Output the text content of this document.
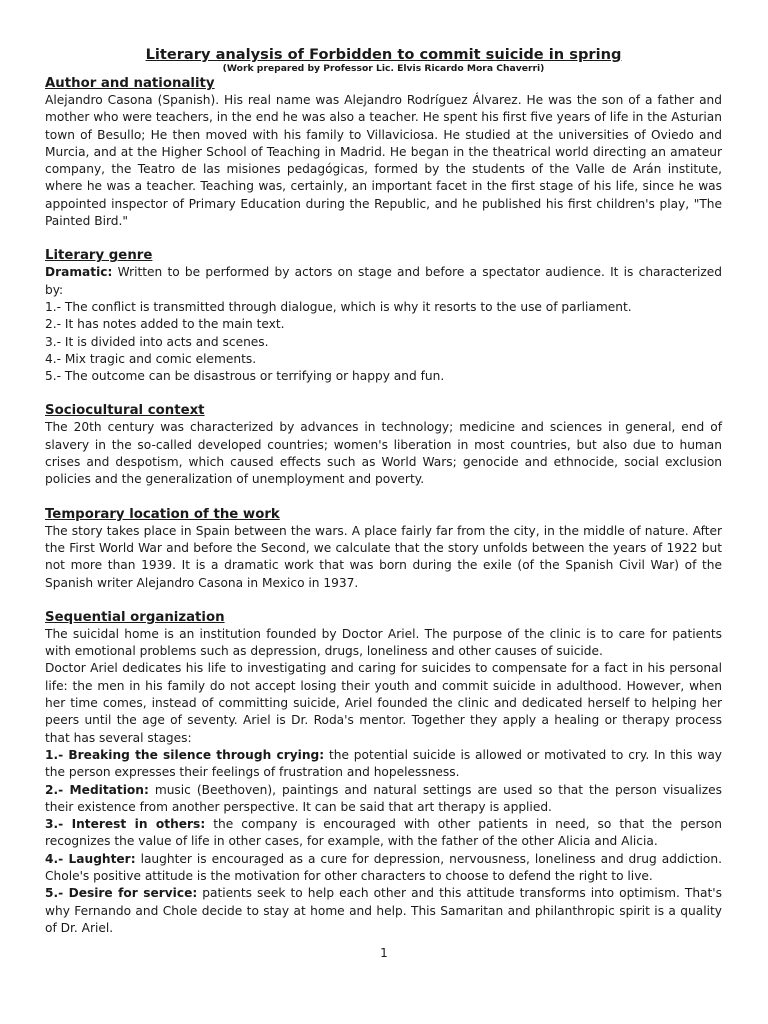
Literary analysis of Forbidden to commit suicide in spring

(Work prepared by Professor Lic. Elvis Ricardo Mora Chaverri)

Author and nationality

Alejandro Casona (Spanish). His real name was Alejandro Rodríguez Álvarez. He was the son of a father and mother who were teachers, in the end he was also a teacher. He spent his first five years of life in the Asturian town of Besullo; He then moved with his family to Villaviciosa. He studied at the universities of Oviedo and Murcia, and at the Higher School of Teaching in Madrid. He began in the theatrical world directing an amateur company, the Teatro de las misiones pedagógicas, formed by the students of the Valle de Arán institute, where he was a teacher. Teaching was, certainly, an important facet in the first stage of his life, since he was appointed inspector of Primary Education during the Republic, and he published his first children's play, "The Painted Bird."

Literary genre

Dramatic: Written to be performed by actors on stage and before a spectator audience. It is characterized by:

1.- The conflict is transmitted through dialogue, which is why it resorts to the use of parliament.

2.- It has notes added to the main text.

3.- It is divided into acts and scenes.

4.- Mix tragic and comic elements.

5.- The outcome can be disastrous or terrifying or happy and fun.

Sociocultural context

The 20th century was characterized by advances in technology; medicine and sciences in general, end of slavery in the so-called developed countries; women's liberation in most countries, but also due to human crises and despotism, which caused effects such as World Wars; genocide and ethnocide, social exclusion policies and the generalization of unemployment and poverty.

Temporary location of the work

The story takes place in Spain between the wars. A place fairly far from the city, in the middle of nature. After the First World War and before the Second, we calculate that the story unfolds between the years of 1922 but not more than 1939. It is a dramatic work that was born during the exile (of the Spanish Civil War) of the Spanish writer Alejandro Casona in Mexico in 1937.

Sequential organization

The suicidal home is an institution founded by Doctor Ariel. The purpose of the clinic is to care for patients with emotional problems such as depression, drugs, loneliness and other causes of suicide.

Doctor Ariel dedicates his life to investigating and caring for suicides to compensate for a fact in his personal life: the men in his family do not accept losing their youth and commit suicide in adulthood. However, when her time comes, instead of committing suicide, Ariel founded the clinic and dedicated herself to helping her peers until the age of seventy. Ariel is Dr. Roda's mentor. Together they apply a healing or therapy process that has several stages:

1.- Breaking the silence through crying: the potential suicide is allowed or motivated to cry. In this way the person expresses their feelings of frustration and hopelessness.

2.- Meditation: music (Beethoven), paintings and natural settings are used so that the person visualizes their existence from another perspective. It can be said that art therapy is applied.

3.- Interest in others: the company is encouraged with other patients in need, so that the person recognizes the value of life in other cases, for example, with the father of the other Alicia and Alicia.

4.- Laughter: laughter is encouraged as a cure for depression, nervousness, loneliness and drug addiction. Chole's positive attitude is the motivation for other characters to choose to defend the right to live.

5.- Desire for service: patients seek to help each other and this attitude transforms into optimism. That's why Fernando and Chole decide to stay at home and help. This Samaritan and philanthropic spirit is a quality of Dr. Ariel.

1
